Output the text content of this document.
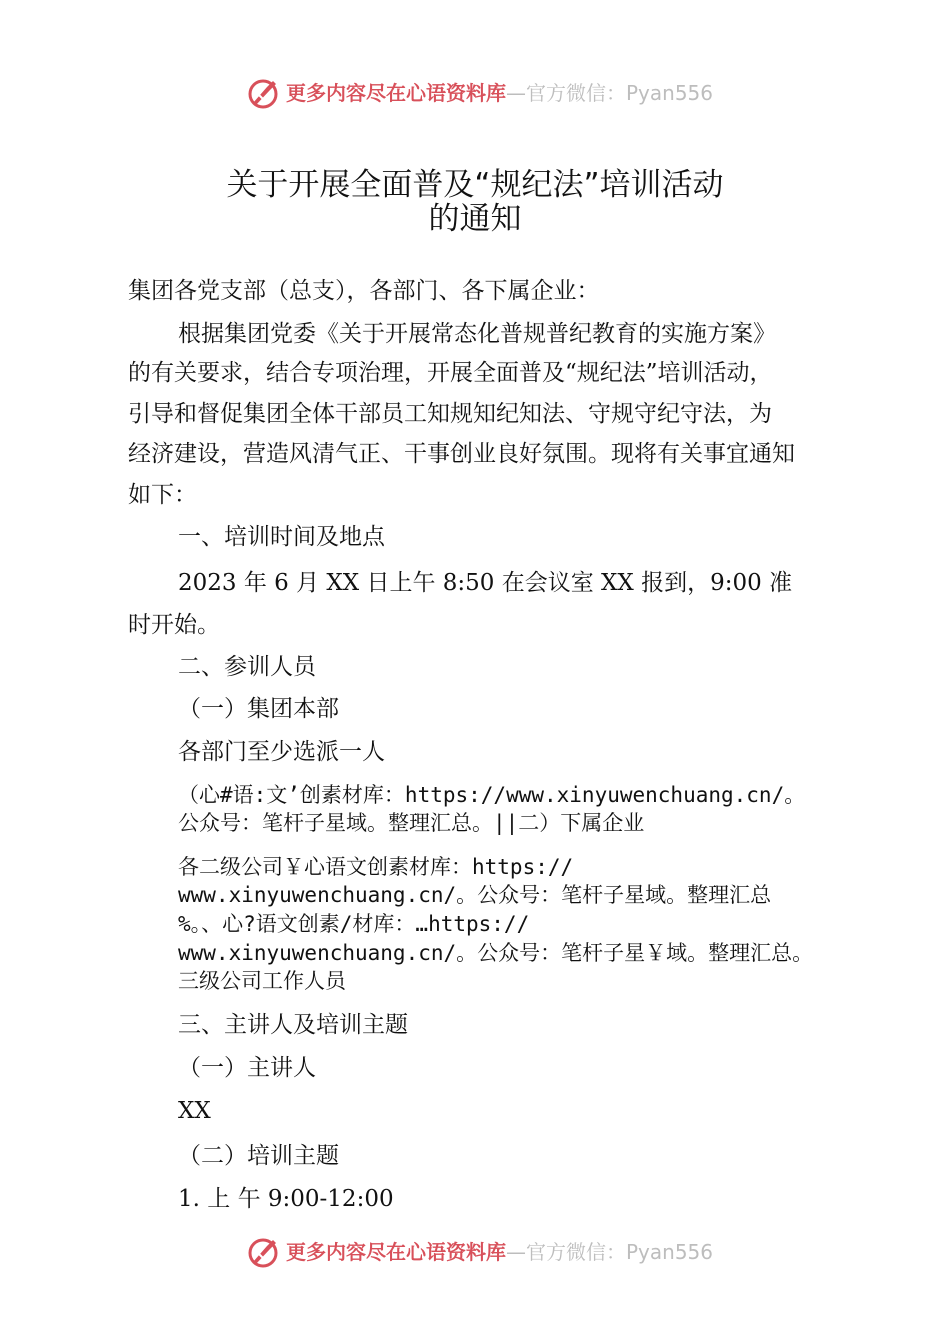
更多内容尽在心语资料库—官方微信：Pyan556
关于开展全面普及“规纪法”培训活动
的通知
集团各党支部（总支），各部门、各下属企业：
根据集团党委《关于开展常态化普规普纪教育的实施方案》
的有关要求，结合专项治理，开展全面普及“规纪法”培训活动，
引导和督促集团全体干部员工知规知纪知法、守规守纪守法，为
经济建设，营造风清气正、干事创业良好氛围。现将有关事宜通知
如下：
一、培训时间及地点
2023 年 6 月 XX 日上午 8:50 在会议室 XX 报到，9:00 准
时开始。
二、参训人员
（一）集团本部
各部门至少选派一人
（心#语:文’创素材库：https://www.xinyuwenchuang.cn/。
公众号：笔杆子星域。整理汇总。||二）下属企业
各二级公司￥心语文创素材库：https://
www.xinyuwenchuang.cn/。公众号：笔杆子星域。整理汇总
%。、心?语文创素/材库：…https://
www.xinyuwenchuang.cn/。公众号：笔杆子星￥域。整理汇总。
三级公司工作人员
三、主讲人及培训主题
（一）主讲人
XX
（二）培训主题
1. 上 午 9:00-12:00
更多内容尽在心语资料库—官方微信：Pyan556
